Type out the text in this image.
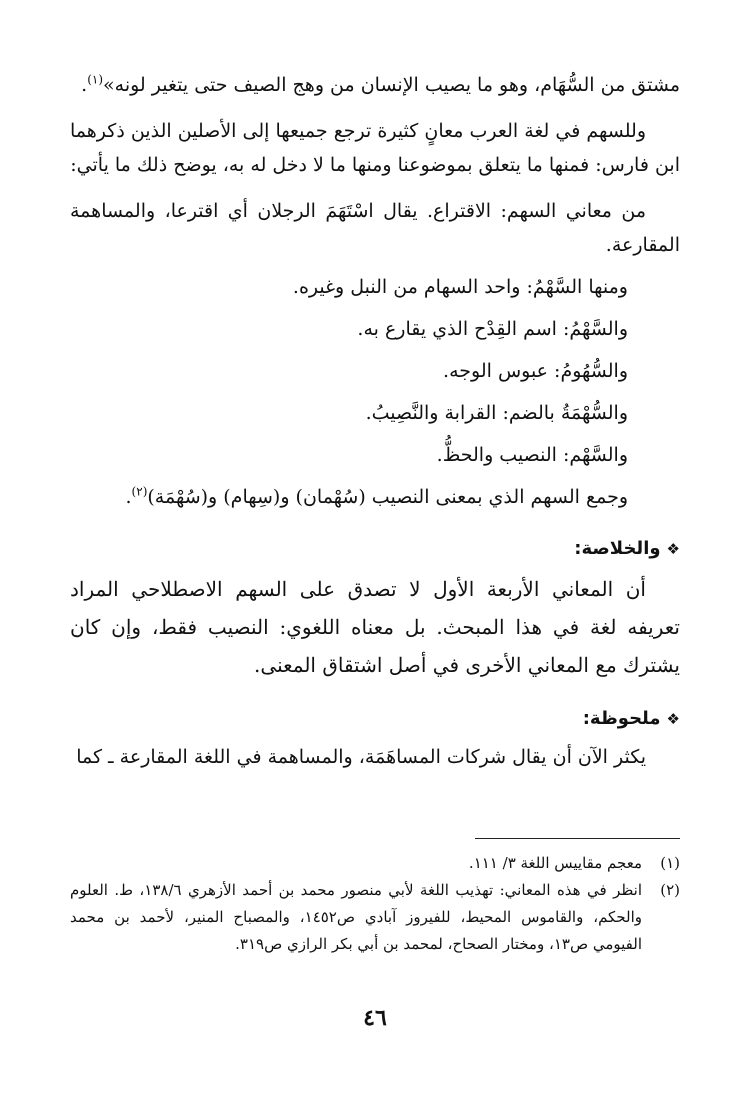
مشتق من السُّهَام، وهو ما يصيب الإنسان من وهج الصيف حتى يتغير لونه»$^{(١)}$.

وللسهم في لغة العرب معانٍ كثيرة ترجع جميعها إلى الأصلين الذين ذكرهما ابن فارس: فمنها ما يتعلق بموضوعنا ومنها ما لا دخل له به، يوضح ذلك ما يأتي:

من معاني السهم: الاقتراع. يقال اسْتَهَمَ الرجلان أي اقترعا، والمساهمة المقارعة.

ومنها السَّهْمُ: واحد السهام من النبل وغيره.

والسَّهْمُ: اسم القِدْح الذي يقارع به.

والسُّهُومُ: عبوس الوجه.

والسُّهْمَةُ بالضم: القرابة والنَّصِيبُ.

والسَّهْم: النصيب والحظُّ.

وجمع السهم الذي بمعنى النصيب (سُهْمان) و(سِهام) و(سُهْمَة)$^{(٢)}$.

❖والخلاصة:

أن المعاني الأربعة الأول لا تصدق على السهم الاصطلاحي المراد تعريفه لغة في هذا المبحث. بل معناه اللغوي: النصيب فقط، وإن كان يشترك مع المعاني الأخرى في أصل اشتقاق المعنى.

❖ملحوظة:

يكثر الآن أن يقال شركات المساهَمَة، والمساهمة في اللغة المقارعة ـ كما

(١)
معجم مقاييس اللغة ٣/ ١١١.

(٢)
انظر في هذه المعاني: تهذيب اللغة لأبي منصور محمد بن أحمد الأزهري ١٣٨/٦، ط. العلوم والحكم، والقاموس المحيط، للفيروز آبادي ص١٤٥٢، والمصباح المنير، لأحمد بن محمد الفيومي ص١٣، ومختار الصحاح، لمحمد بن أبي بكر الرازي ص٣١٩.

٤٦
